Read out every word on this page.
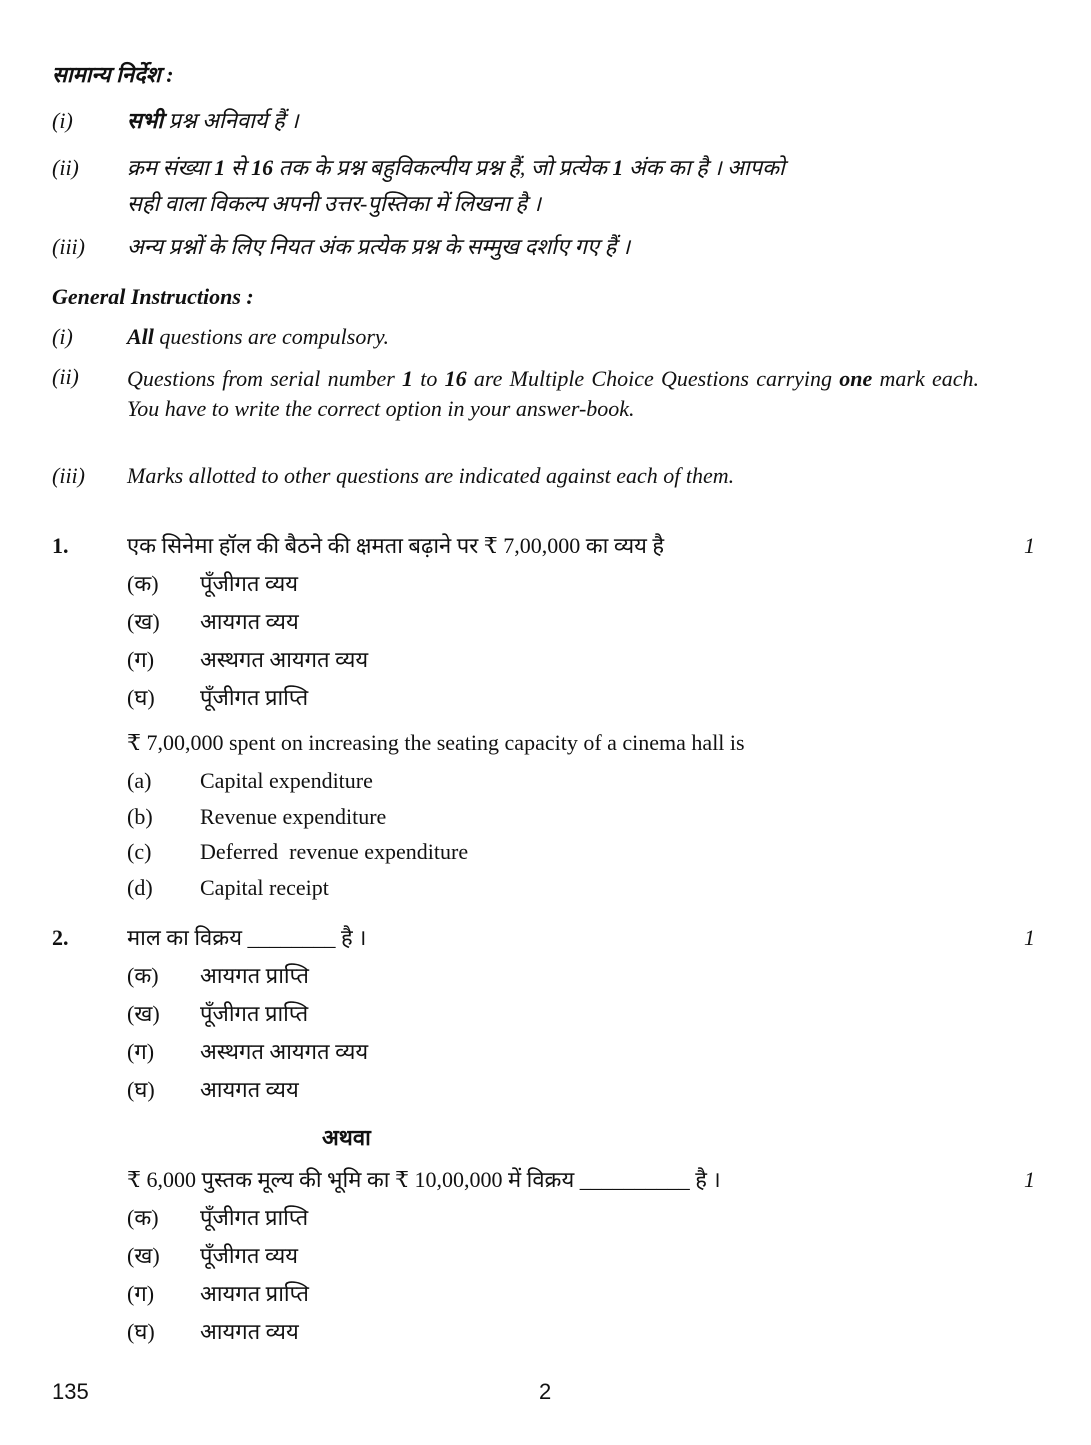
सामान्य निर्देश :
(i) सभी प्रश्न अनिवार्य हैं ।
(ii) क्रम संख्या 1 से 16 तक के प्रश्न बहुविकल्पीय प्रश्न हैं, जो प्रत्येक 1 अंक का है । आपको
सही वाला विकल्प अपनी उत्तर-पुस्तिका में लिखना है ।
(iii) अन्य प्रश्नों के लिए नियत अंक प्रत्येक प्रश्न के सम्मुख दर्शाए गए हैं ।
General Instructions :
(i) All questions are compulsory.
(ii) Questions from serial number 1 to 16 are Multiple Choice Questions carrying one mark each. You have to write the correct option in your answer-book.
(iii) Marks allotted to other questions are indicated against each of them.
1.	एक सिनेमा हॉल की बैठने की क्षमता बढ़ाने पर ₹ 7,00,000 का व्यय है	1
(क) पूँजीगत व्यय
(ख) आयगत व्यय
(ग) अस्थगत आयगत व्यय
(घ) पूँजीगत प्राप्ति
₹ 7,00,000 spent on increasing the seating capacity of a cinema hall is
(a) Capital expenditure
(b) Revenue expenditure
(c) Deferred  revenue expenditure
(d) Capital receipt
2.	माल का विक्रय ________ है ।	1
(क) आयगत प्राप्ति
(ख) पूँजीगत प्राप्ति
(ग) अस्थगत आयगत व्यय
(घ) आयगत व्यय
अथवा
₹ 6,000 पुस्तक मूल्य की भूमि का ₹ 10,00,000 में विक्रय __________ है ।	1
(क) पूँजीगत प्राप्ति
(ख) पूँजीगत व्यय
(ग) आयगत प्राप्ति
(घ) आयगत व्यय
135	2
